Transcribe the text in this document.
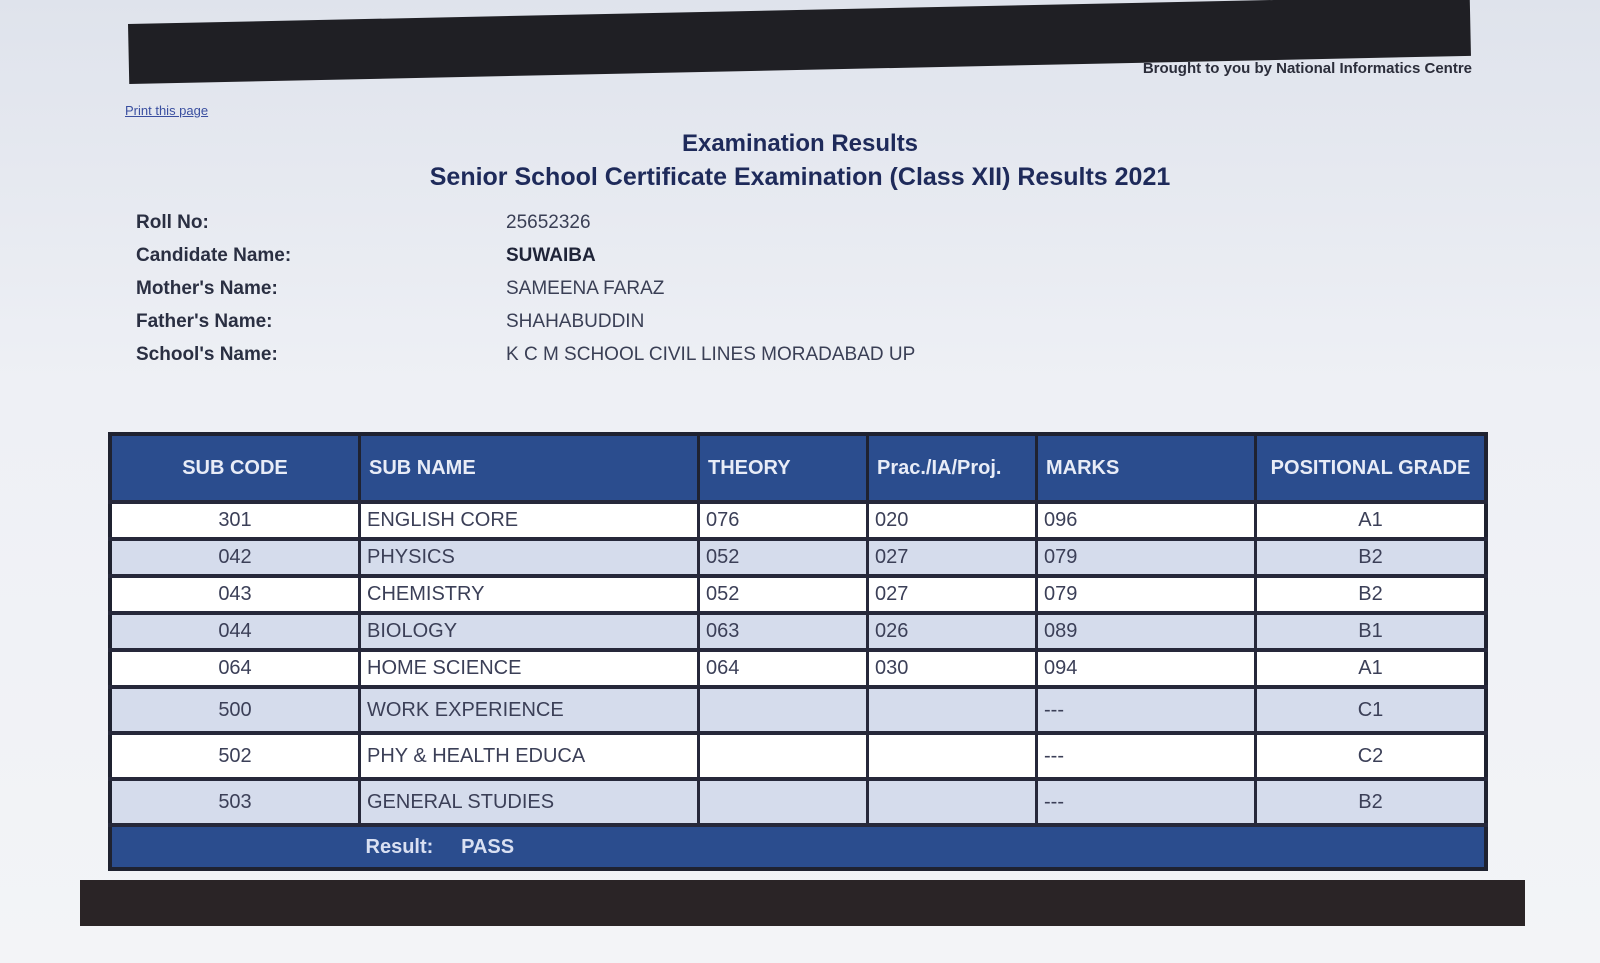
Brought to you by National Informatics Centre
Print this page
Examination Results
Senior School Certificate Examination (Class XII) Results 2021
Roll No:	25652326
Candidate Name:	SUWAIBA
Mother's Name:	SAMEENA FARAZ
Father's Name:	SHAHABUDDIN
School's Name:	K C M SCHOOL CIVIL LINES MORADABAD UP
SUB CODE	SUB NAME	THEORY	Prac./IA/Proj.	MARKS	POSITIONAL GRADE
301	ENGLISH CORE	076	020	096	A1
042	PHYSICS	052	027	079	B2
043	CHEMISTRY	052	027	079	B2
044	BIOLOGY	063	026	089	B1
064	HOME SCIENCE	064	030	094	A1
500	WORK EXPERIENCE			---	C1
502	PHY & HEALTH EDUCA			---	C2
503	GENERAL STUDIES			---	B2
	Result: PASS				
